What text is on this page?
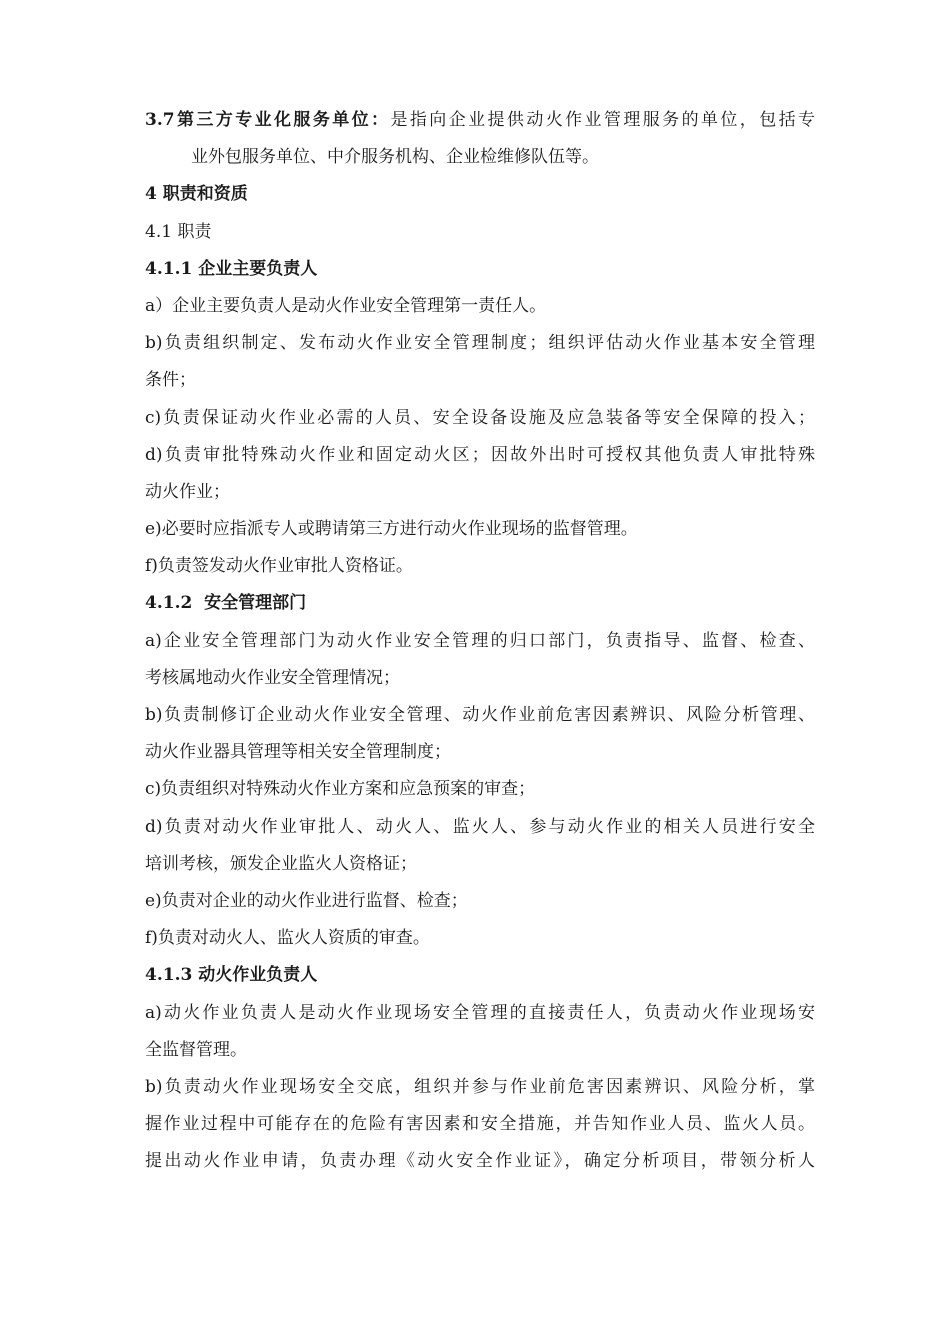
3.7第三方专业化服务单位：是指向企业提供动火作业管理服务的单位，包括专
业外包服务单位、中介服务机构、企业检维修队伍等。
4 职责和资质
4.1 职责
4.1.1 企业主要负责人
a）企业主要负责人是动火作业安全管理第一责任人。
b)负责组织制定、发布动火作业安全管理制度；组织评估动火作业基本安全管理
条件；
c)负责保证动火作业必需的人员、安全设备设施及应急装备等安全保障的投入；
d)负责审批特殊动火作业和固定动火区；因故外出时可授权其他负责人审批特殊
动火作业；
e)必要时应指派专人或聘请第三方进行动火作业现场的监督管理。
f)负责签发动火作业审批人资格证。
4.1.2  安全管理部门
a)企业安全管理部门为动火作业安全管理的归口部门，负责指导、监督、检查、
考核属地动火作业安全管理情况；
b)负责制修订企业动火作业安全管理、动火作业前危害因素辨识、风险分析管理、
动火作业器具管理等相关安全管理制度；
c)负责组织对特殊动火作业方案和应急预案的审查；
d)负责对动火作业审批人、动火人、监火人、参与动火作业的相关人员进行安全
培训考核，颁发企业监火人资格证；
e)负责对企业的动火作业进行监督、检查；
f)负责对动火人、监火人资质的审查。
4.1.3 动火作业负责人
a)动火作业负责人是动火作业现场安全管理的直接责任人，负责动火作业现场安
全监督管理。
b)负责动火作业现场安全交底，组织并参与作业前危害因素辨识、风险分析，掌
握作业过程中可能存在的危险有害因素和安全措施，并告知作业人员、监火人员。
提出动火作业申请，负责办理《动火安全作业证》，确定分析项目，带领分析人
